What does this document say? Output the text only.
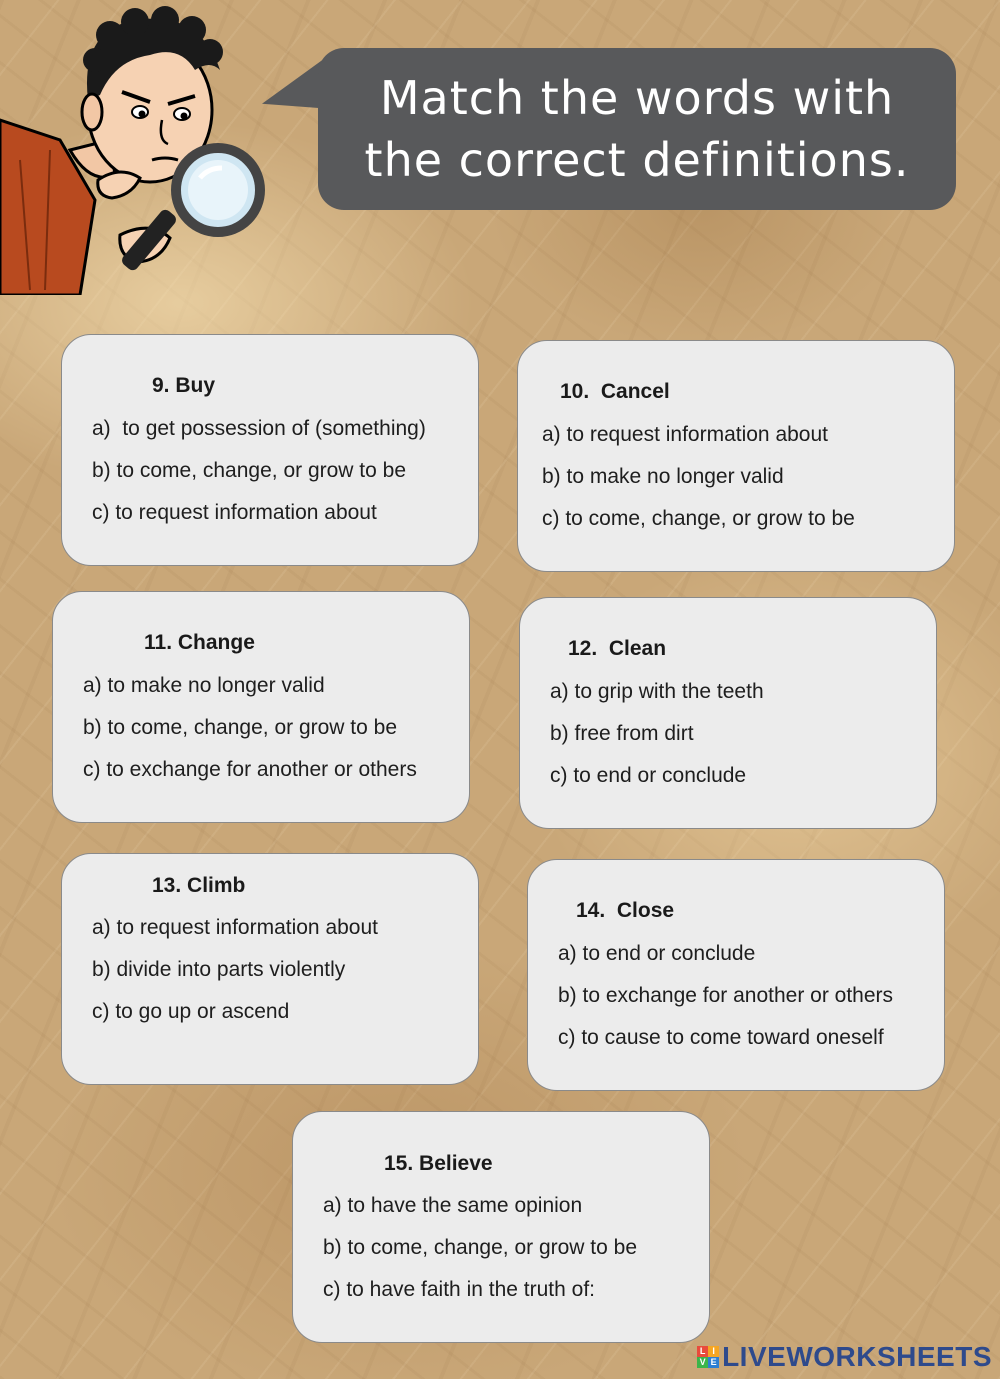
Match the words with
the correct definitions.
9. Buy
a)  to get possession of (something)
b) to come, change, or grow to be
c) to request information about
10.  Cancel
a) to request information about
b) to make no longer valid
c) to come, change, or grow to be
11. Change
a) to make no longer valid
b) to come, change, or grow to be
c) to exchange for another or others
12.  Clean
a) to grip with the teeth
b) free from dirt
c) to end or conclude
13. Climb
a) to request information about
b) divide into parts violently
c) to go up or ascend
14.  Close
a) to end or conclude
b) to exchange for another or others
c) to cause to come toward oneself
15. Believe
a) to have the same opinion
b) to come, change, or grow to be
c) to have faith in the truth of:
L I
V E LIVEWORKSHEETS
